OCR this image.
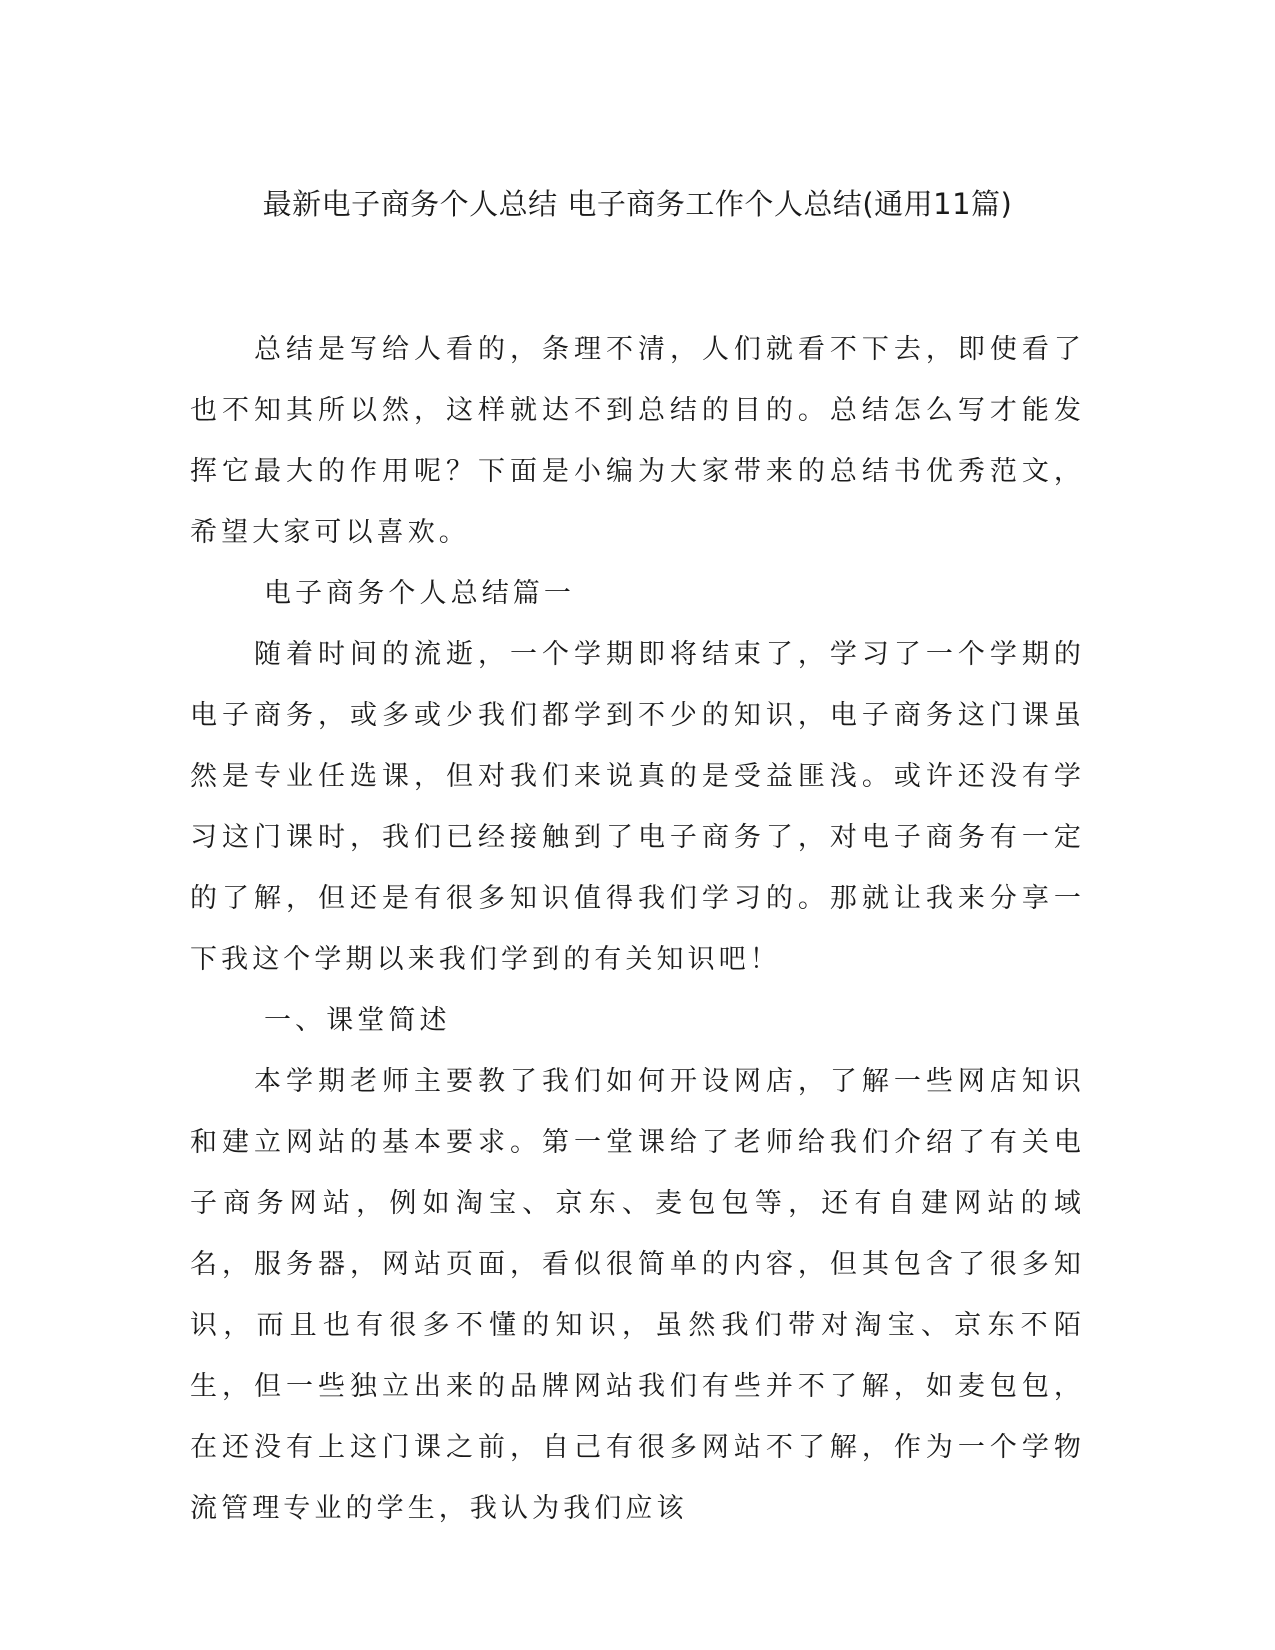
最新电子商务个人总结 电子商务工作个人总结(通用11篇)

总结是写给人看的，条理不清，人们就看不下去，即使看了也不知其所以然，这样就达不到总结的目的。总结怎么写才能发挥它最大的作用呢？下面是小编为大家带来的总结书优秀范文，希望大家可以喜欢。

电子商务个人总结篇一

随着时间的流逝，一个学期即将结束了，学习了一个学期的电子商务，或多或少我们都学到不少的知识，电子商务这门课虽然是专业任选课，但对我们来说真的是受益匪浅。或许还没有学习这门课时，我们已经接触到了电子商务了，对电子商务有一定的了解，但还是有很多知识值得我们学习的。那就让我来分享一下我这个学期以来我们学到的有关知识吧！

一、课堂简述

本学期老师主要教了我们如何开设网店，了解一些网店知识和建立网站的基本要求。第一堂课给了老师给我们介绍了有关电子商务网站，例如淘宝、京东、麦包包等，还有自建网站的域名，服务器，网站页面，看似很简单的内容，但其包含了很多知识，而且也有很多不懂的知识，虽然我们带对淘宝、京东不陌生，但一些独立出来的品牌网站我们有些并不了解，如麦包包，在还没有上这门课之前，自己有很多网站不了解，作为一个学物流管理专业的学生，我认为我们应该
